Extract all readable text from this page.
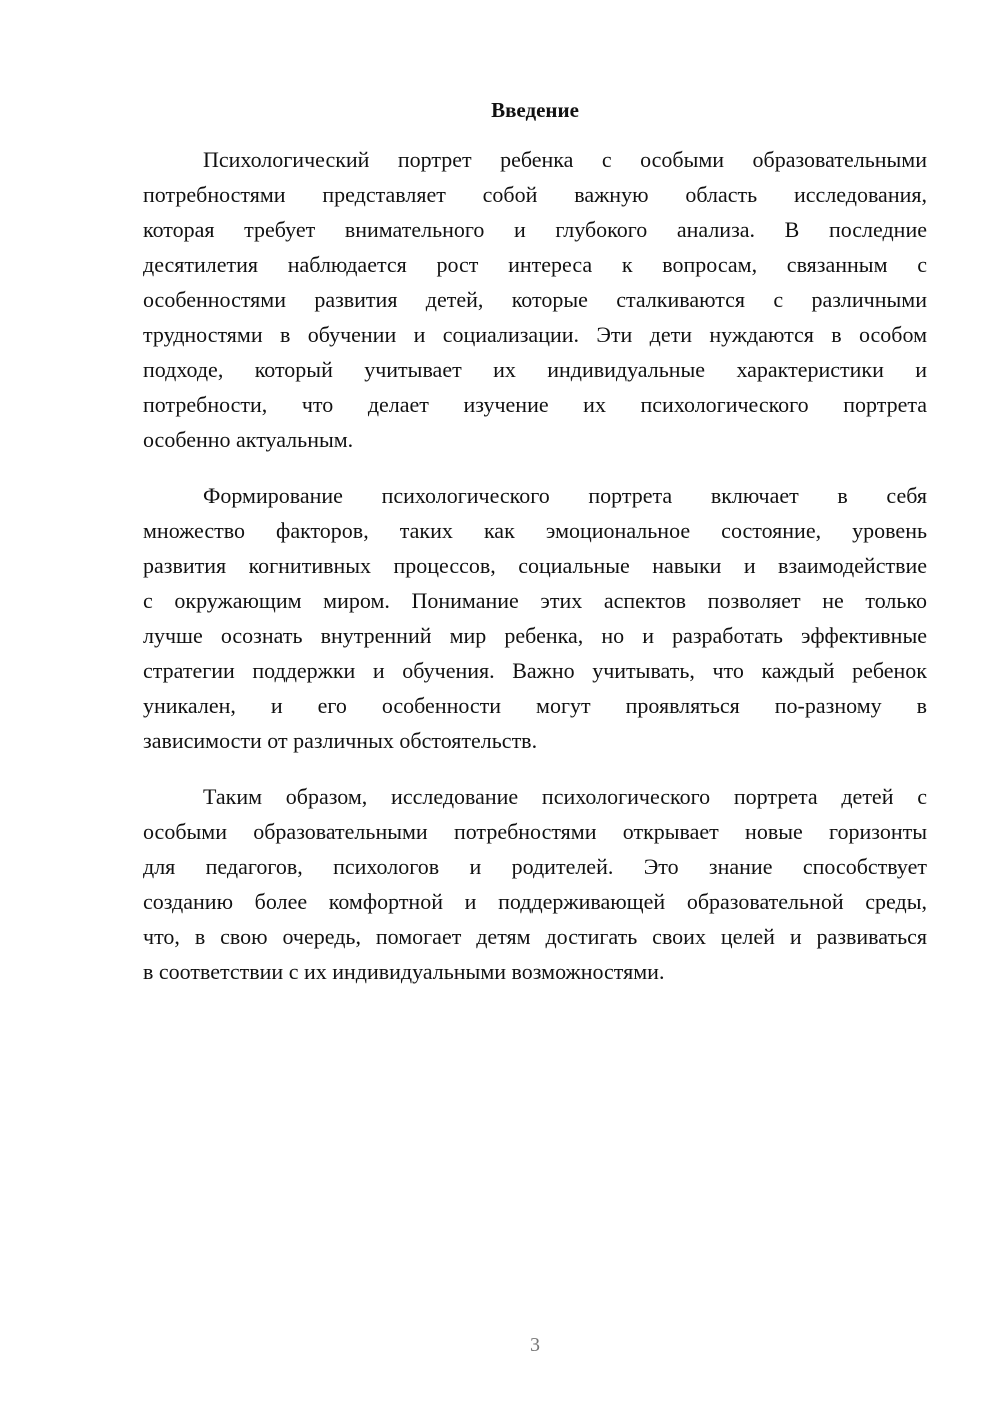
Введение
Психологический портрет ребенка с особыми образовательными
потребностями представляет собой важную область исследования,
которая требует внимательного и глубокого анализа. В последние
десятилетия наблюдается рост интереса к вопросам, связанным с
особенностями развития детей, которые сталкиваются с различными
трудностями в обучении и социализации. Эти дети нуждаются в особом
подходе, который учитывает их индивидуальные характеристики и
потребности, что делает изучение их психологического портрета
особенно актуальным.
Формирование психологического портрета включает в себя
множество факторов, таких как эмоциональное состояние, уровень
развития когнитивных процессов, социальные навыки и взаимодействие
с окружающим миром. Понимание этих аспектов позволяет не только
лучше осознать внутренний мир ребенка, но и разработать эффективные
стратегии поддержки и обучения. Важно учитывать, что каждый ребенок
уникален, и его особенности могут проявляться по-разному в
зависимости от различных обстоятельств.
Таким образом, исследование психологического портрета детей с
особыми образовательными потребностями открывает новые горизонты
для педагогов, психологов и родителей. Это знание способствует
созданию более комфортной и поддерживающей образовательной среды,
что, в свою очередь, помогает детям достигать своих целей и развиваться
в соответствии с их индивидуальными возможностями.
3
